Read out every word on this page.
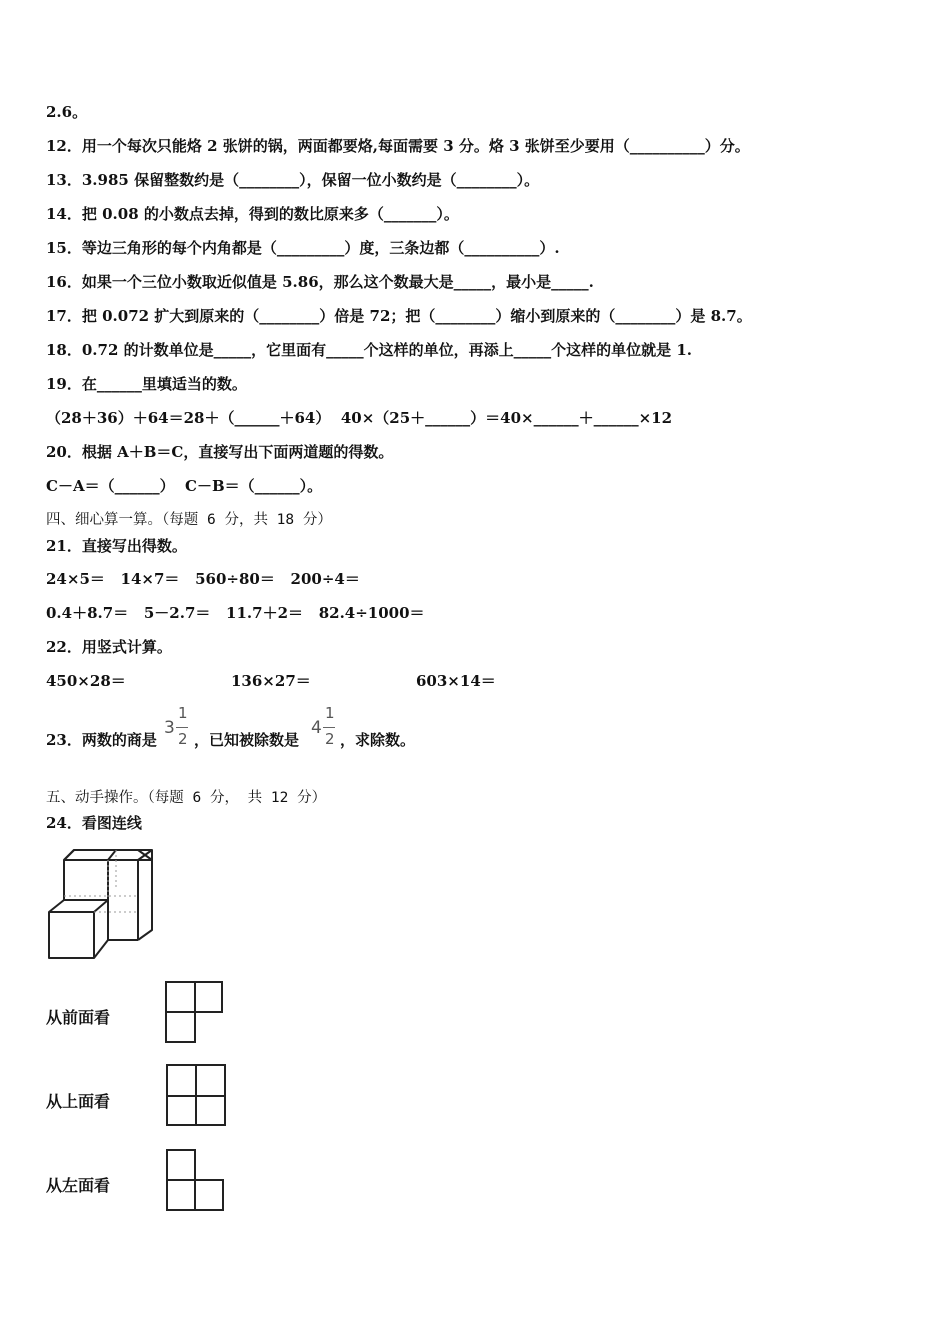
2.6。
12．用一个每次只能烙 2 张饼的锅，两面都要烙,每面需要 3 分。烙 3 张饼至少要用（__________）分。
13．3.985 保留整数约是（________），保留一位小数约是（________）。
14．把 0.08 的小数点去掉，得到的数比原来多（_______）。
15．等边三角形的每个内角都是（_________）度，三条边都（__________）.
16．如果一个三位小数取近似值是 5.86，那么这个数最大是_____，最小是_____.
17．把 0.072 扩大到原来的（________）倍是 72；把（________）缩小到原来的（________）是 8.7。
18．0.72 的计数单位是_____，它里面有_____个这样的单位，再添上_____个这样的单位就是 1.
19．在______里填适当的数。
（28＋36）＋64＝28＋（______＋64）  40×（25＋______）＝40×______＋______×12
20．根据 A＋B＝C，直接写出下面两道题的得数。
C－A＝（______）  C－B＝（______）。
四、细心算一算。（每题 6 分，共 18 分）
21．直接写出得数。
24×5＝   14×7＝   560÷80＝   200÷4＝
0.4＋8.7＝   5－2.7＝   11.7＋2＝   82.4÷1000＝
22．用竖式计算。
450×28＝	136×27＝	603×14＝
23．两数的商是
3
1
2 ，已知被除数是
4
1
2 ，求除数。
五、动手操作。（每题 6 分， 共 12 分）
24．看图连线
从前面看
从上面看
从左面看
